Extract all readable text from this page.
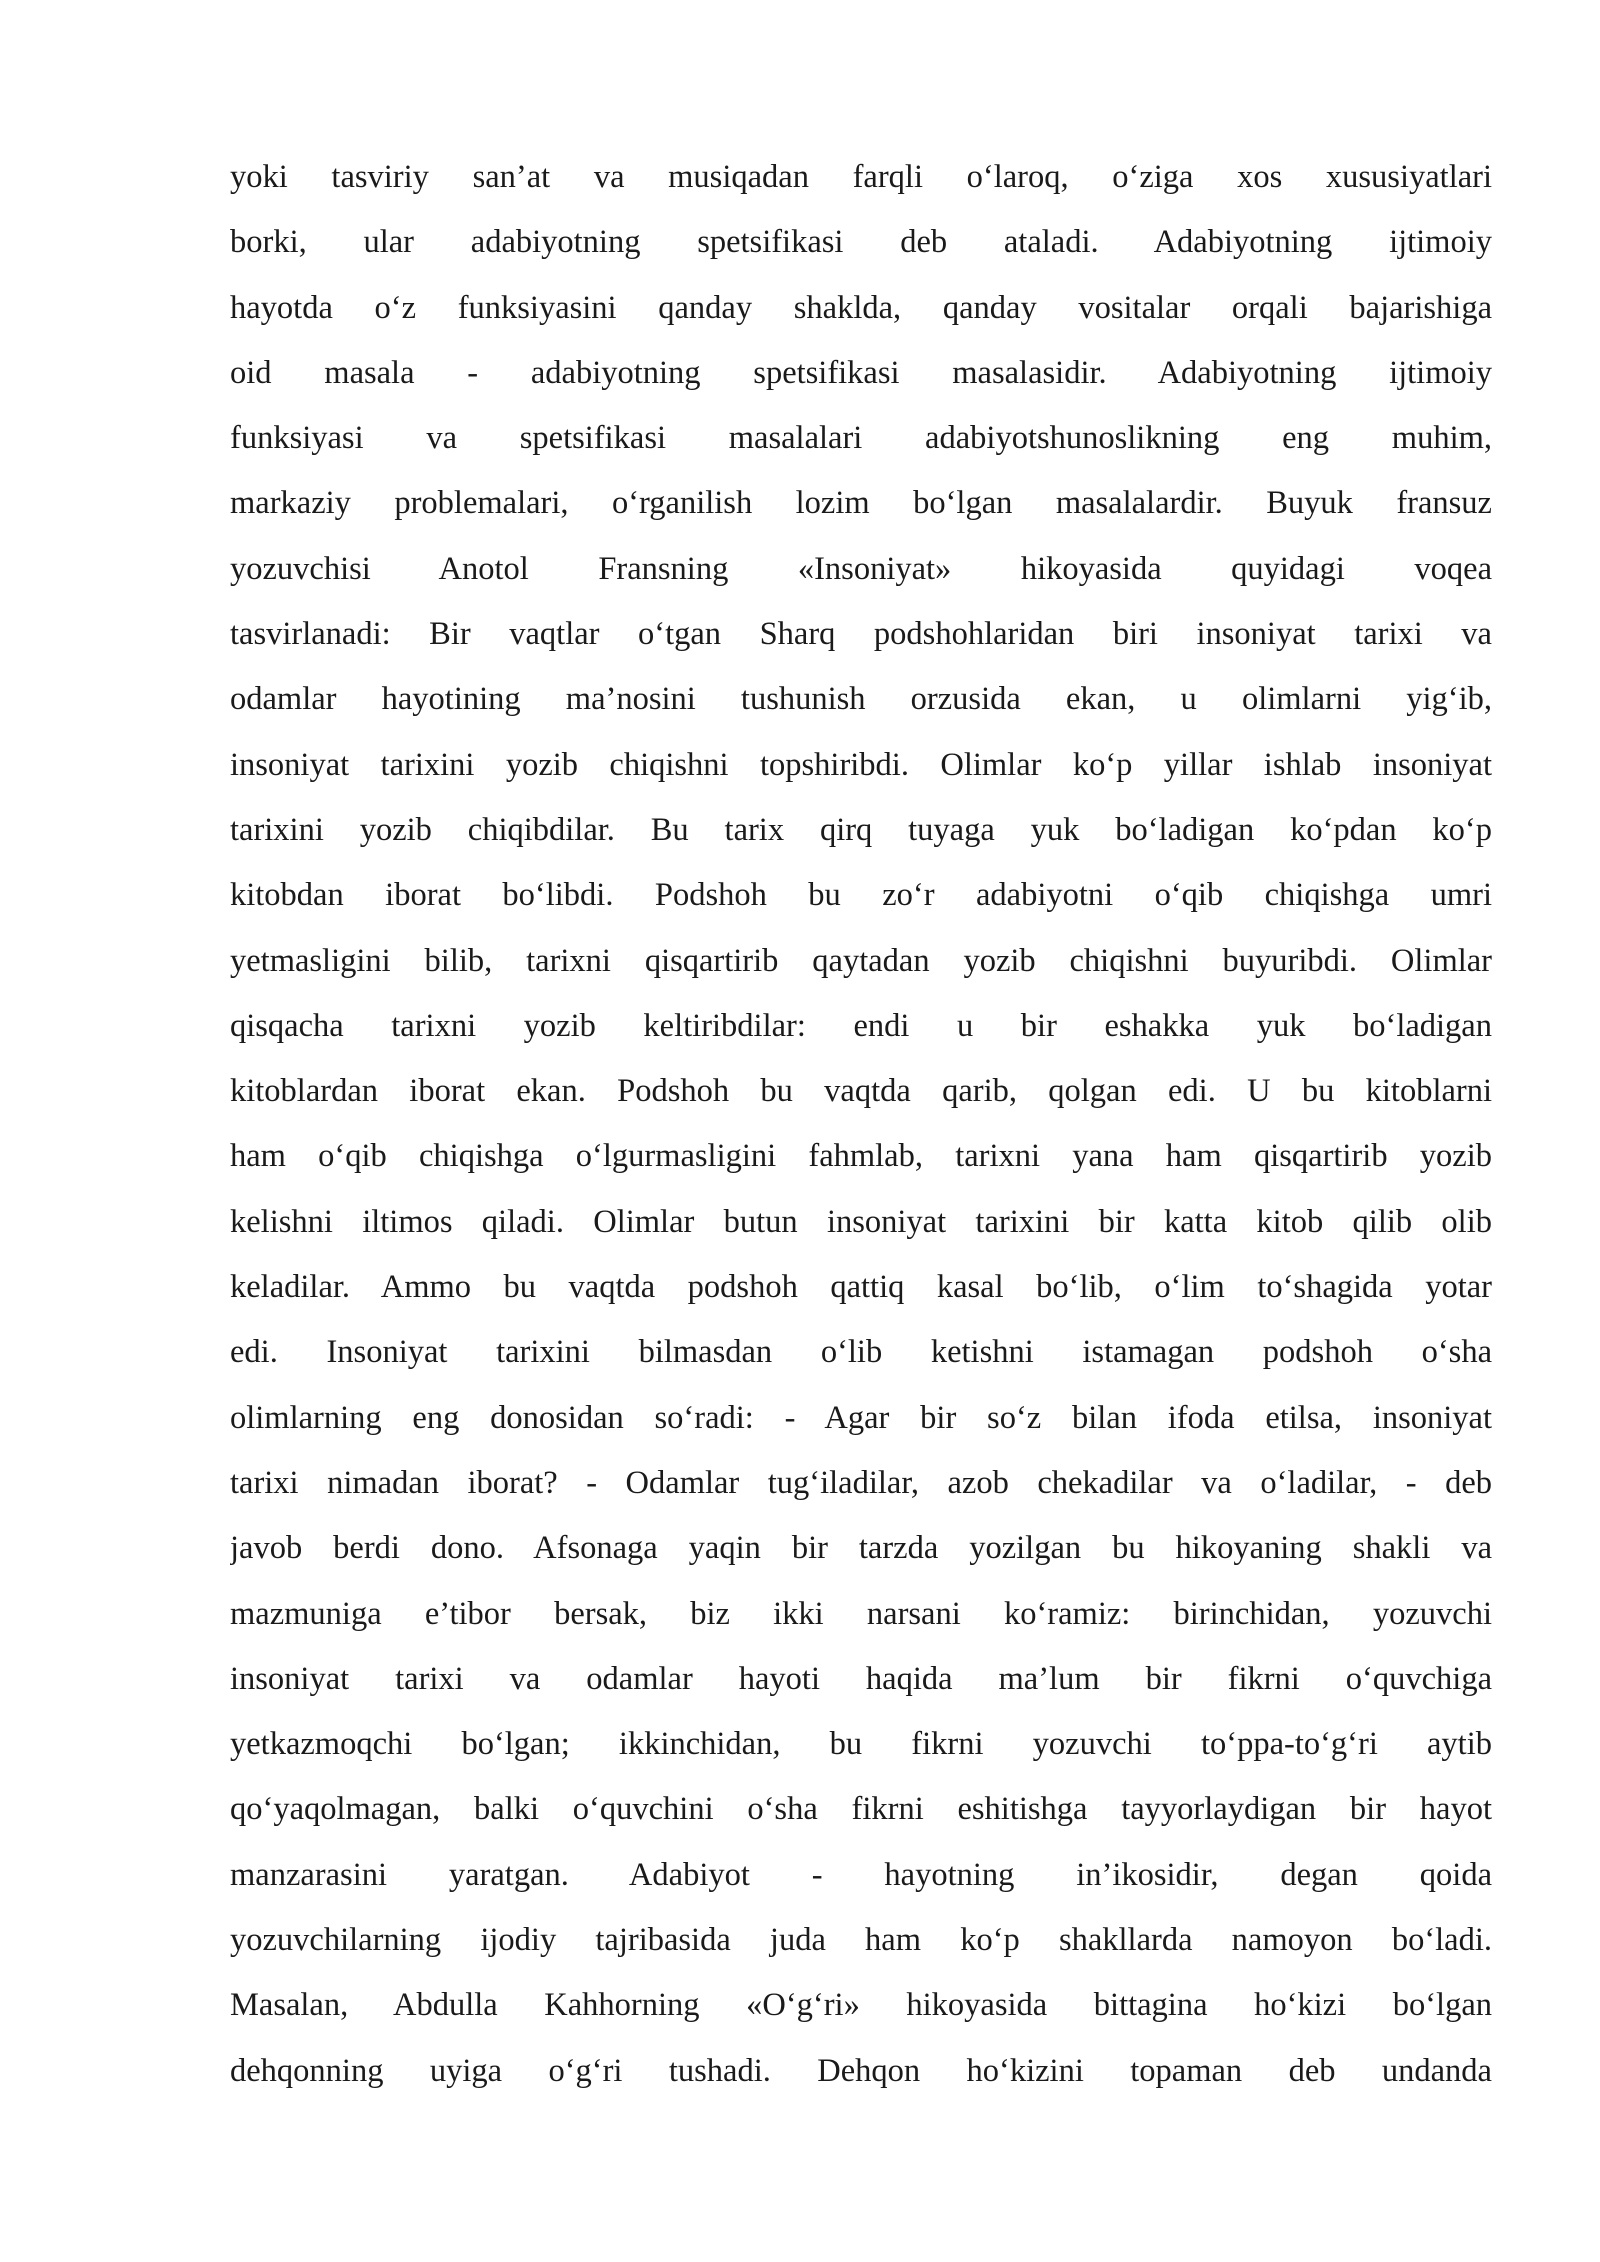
yoki tasviriy san’at va musiqadan farqli o‘laroq, o‘ziga xos xususiyatlari
borki, ular adabiyotning spetsifikasi deb ataladi. Adabiyotning ijtimoiy
hayotda o‘z funksiyasini qanday shaklda, qanday vositalar orqali bajarishiga
oid masala - adabiyotning spetsifikasi masalasidir. Adabiyotning ijtimoiy
funksiyasi va spetsifikasi masalalari adabiyotshunoslikning eng muhim,
markaziy problemalari, o‘rganilish lozim bo‘lgan masalalardir. Buyuk fransuz
yozuvchisi Anotol Fransning «Insoniyat» hikoyasida quyidagi voqea
tasvirlanadi: Bir vaqtlar o‘tgan Sharq podshohlaridan biri insoniyat tarixi va
odamlar hayotining ma’nosini tushunish orzusida ekan, u olimlarni yig‘ib,
insoniyat tarixini yozib chiqishni topshiribdi. Olimlar ko‘p yillar ishlab insoniyat
tarixini yozib chiqibdilar. Bu tarix qirq tuyaga yuk bo‘ladigan ko‘pdan ko‘p
kitobdan iborat bo‘libdi. Podshoh bu zo‘r adabiyotni o‘qib chiqishga umri
yetmasligini bilib, tarixni qisqartirib qaytadan yozib chiqishni buyuribdi. Olimlar
qisqacha tarixni yozib keltiribdilar: endi u bir eshakka yuk bo‘ladigan
kitoblardan iborat ekan. Podshoh bu vaqtda qarib, qolgan edi. U bu kitoblarni
ham o‘qib chiqishga o‘lgurmasligini fahmlab, tarixni yana ham qisqartirib yozib
kelishni iltimos qiladi. Olimlar butun insoniyat tarixini bir katta kitob qilib olib
keladilar. Ammo bu vaqtda podshoh qattiq kasal bo‘lib, o‘lim to‘shagida yotar
edi. Insoniyat tarixini bilmasdan o‘lib ketishni istamagan podshoh o‘sha
olimlarning eng donosidan so‘radi: - Agar bir so‘z bilan ifoda etilsa, insoniyat
tarixi nimadan iborat? - Odamlar tug‘iladilar, azob chekadilar va o‘ladilar, - deb
javob berdi dono. Afsonaga yaqin bir tarzda yozilgan bu hikoyaning shakli va
mazmuniga e’tibor bersak, biz ikki narsani ko‘ramiz: birinchidan, yozuvchi
insoniyat tarixi va odamlar hayoti haqida ma’lum bir fikrni o‘quvchiga
yetkazmoqchi bo‘lgan; ikkinchidan, bu fikrni yozuvchi to‘ppa-to‘g‘ri aytib
qo‘yaqolmagan, balki o‘quvchini o‘sha fikrni eshitishga tayyorlaydigan bir hayot
manzarasini yaratgan. Adabiyot - hayotning in’ikosidir, degan qoida
yozuvchilarning ijodiy tajribasida juda ham ko‘p shakllarda namoyon bo‘ladi.
Masalan, Abdulla Kahhorning «O‘g‘ri» hikoyasida bittagina ho‘kizi bo‘lgan
dehqonning uyiga o‘g‘ri tushadi. Dehqon ho‘kizini topaman deb undanda
